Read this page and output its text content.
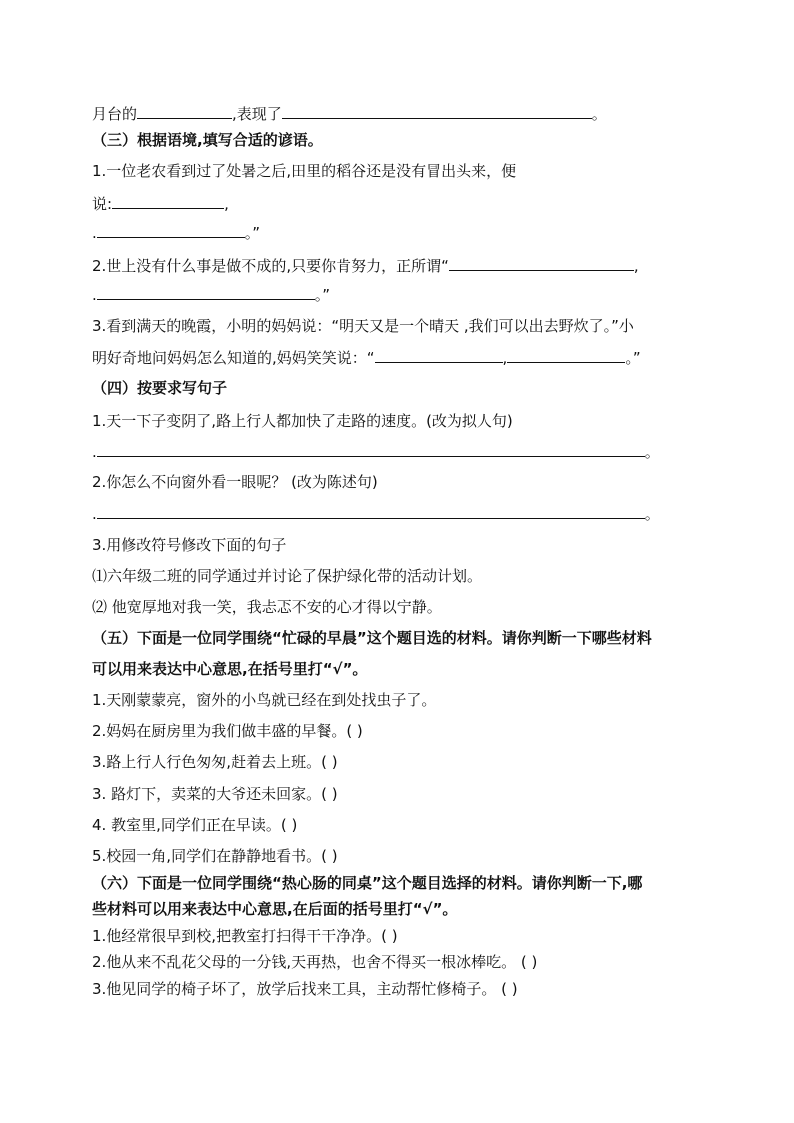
月台的	,表现了	。
（三）根据语境,填写合适的谚语。
1.一位老农看到过了处暑之后,田里的稻谷还是没有冒出头来，便
说:	,
.	。”
2.世上没有什么事是做不成的,只要你肯努力，正所谓“	,
.	。”
3.看到满天的晚霞，小明的妈妈说：“明天又是一个晴天 ,我们可以出去野炊了。”小
明好奇地问妈妈怎么知道的,妈妈笑笑说：“	,	。”
（四）按要求写句子
1.天一下子变阴了,路上行人都加快了走路的速度。(改为拟人句)
.	。
2.你怎么不向窗外看一眼呢？ (改为陈述句)
.	。
3.用修改符号修改下面的句子
⑴六年级二班的同学通过并讨论了保护绿化带的活动计划。
⑵ 他宽厚地对我一笑，我忐忑不安的心才得以宁静。
（五）下面是一位同学围绕“忙碌的早晨”这个题目选的材料。请你判断一下哪些材料
可以用来表达中心意思,在括号里打“√”。
1.天刚蒙蒙亮，窗外的小鸟就已经在到处找虫子了。
2.妈妈在厨房里为我们做丰盛的早餐。( )
3.路上行人行色匆匆,赶着去上班。( )
3. 路灯下，卖菜的大爷还未回家。( )
4. 教室里,同学们正在早读。( )
5.校园一角,同学们在静静地看书。( )
（六）下面是一位同学围绕“热心肠的同桌”这个题目选择的材料。请你判断一下,哪
些材料可以用来表达中心意思,在后面的括号里打“√”。
1.他经常很早到校,把教室打扫得干干净净。( )
2.他从来不乱花父母的一分钱,天再热，也舍不得买一根冰棒吃。 ( )
3.他见同学的椅子坏了，放学后找来工具，主动帮忙修椅子。 ( )
